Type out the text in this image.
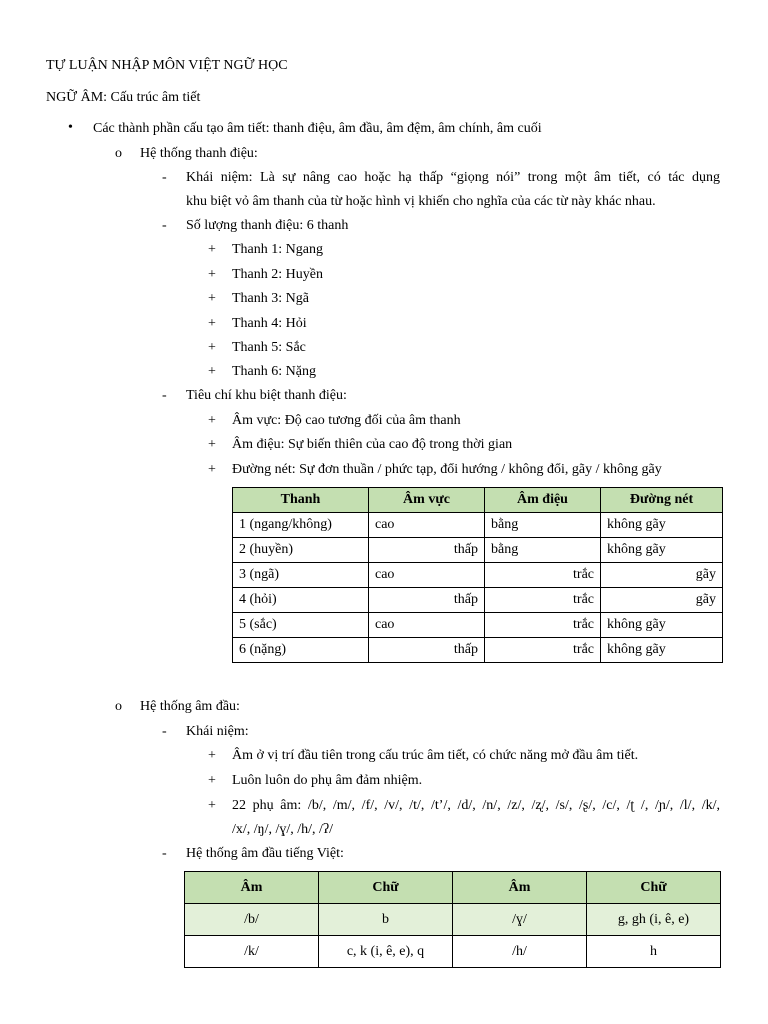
TỰ LUẬN NHẬP MÔN VIỆT NGỮ HỌC
NGỮ ÂM: Cấu trúc âm tiết
• Các thành phần cấu tạo âm tiết: thanh điệu, âm đầu, âm đệm, âm chính, âm cuối
o Hệ thống thanh điệu:
- Khái niệm: Là sự nâng cao hoặc hạ thấp “giọng nói” trong một âm tiết, có tác dụng
khu biệt vỏ âm thanh của từ hoặc hình vị khiến cho nghĩa của các từ này khác nhau.
- Số lượng thanh điệu: 6 thanh
+ Thanh 1: Ngang
+ Thanh 2: Huyền
+ Thanh 3: Ngã
+ Thanh 4: Hỏi
+ Thanh 5: Sắc
+ Thanh 6: Nặng
- Tiêu chí khu biệt thanh điệu:
+ Âm vực: Độ cao tương đối của âm thanh
+ Âm điệu: Sự biến thiên của cao độ trong thời gian
+ Đường nét: Sự đơn thuần / phức tạp, đổi hướng / không đổi, gãy / không gãy
Thanh	Âm vực	Âm điệu	Đường nét
1 (ngang/không)	cao	bằng	không gãy
2 (huyền)	thấp	bằng	không gãy
3 (ngã)	cao	trắc	gãy
4 (hỏi)	thấp	trắc	gãy
5 (sắc)	cao	trắc	không gãy
6 (nặng)	thấp	trắc	không gãy
o Hệ thống âm đầu:
- Khái niệm:
+ Âm ở vị trí đầu tiên trong cấu trúc âm tiết, có chức năng mở đầu âm tiết.
+ Luôn luôn do phụ âm đảm nhiệm.
+ 22 phụ âm: /b/, /m/, /f/, /v/, /t/, /t’/, /d/, /n/, /z/, /ʐ/, /s/, /ʂ/, /c/, /ʈ /, /ɲ/, /l/, /k/,
/x/, /ŋ/, /ɣ/, /h/, /ʔ/
- Hệ thống âm đầu tiếng Việt:
Âm	Chữ	Âm	Chữ
/b/	b	/ɣ/	g, gh (i, ê, e)
/k/	c, k (i, ê, e), q	/h/	h
